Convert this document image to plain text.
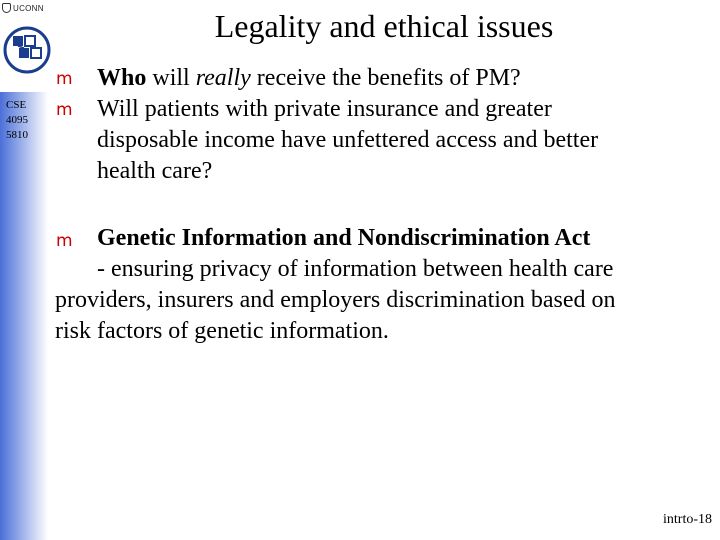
UCONN
CSE
4095
5810
Legality and ethical issues
m Who will really receive the benefits of PM?
m Will patients with private insurance and greater
disposable income have unfettered access and better
health care?
m Genetic Information and Nondiscrimination Act
- ensuring privacy of information between health care
providers, insurers and employers discrimination based on
risk factors of genetic information.
intrto-18
